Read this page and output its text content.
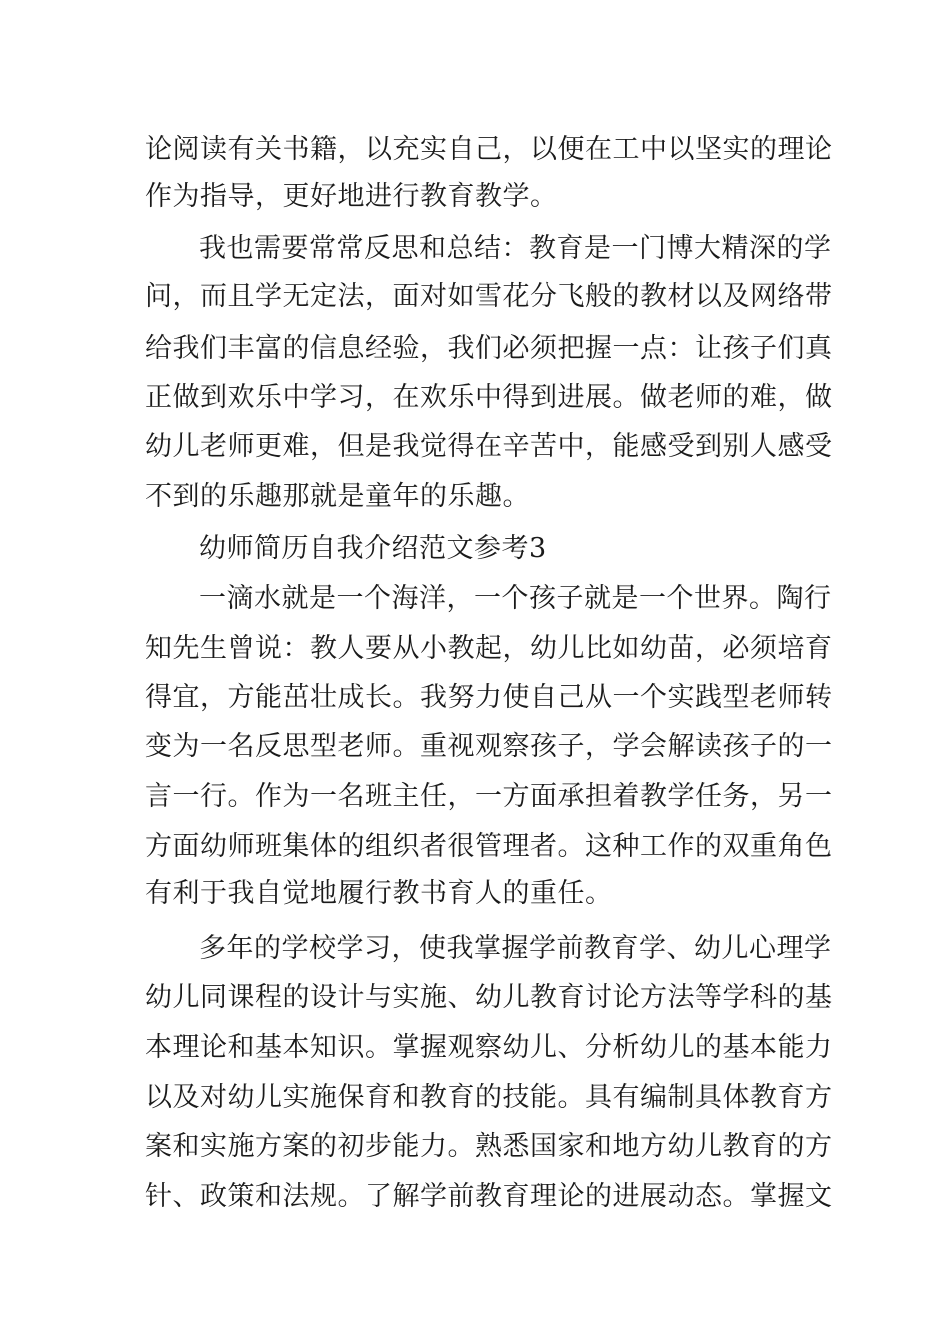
论阅读有关书籍，以充实自己，以便在工中以坚实的理论

作为指导，更好地进行教育教学。

我也需要常常反思和总结：教育是一门博大精深的学

问，而且学无定法，面对如雪花分飞般的教材以及网络带

给我们丰富的信息经验，我们必须把握一点：让孩子们真

正做到欢乐中学习，在欢乐中得到进展。做老师的难，做

幼儿老师更难，但是我觉得在辛苦中，能感受到别人感受

不到的乐趣那就是童年的乐趣。

幼师简历自我介绍范文参考3

一滴水就是一个海洋，一个孩子就是一个世界。陶行

知先生曾说：教人要从小教起，幼儿比如幼苗，必须培育

得宜，方能茁壮成长。我努力使自己从一个实践型老师转

变为一名反思型老师。重视观察孩子，学会解读孩子的一

言一行。作为一名班主任，一方面承担着教学任务，另一

方面幼师班集体的组织者很管理者。这种工作的双重角色

有利于我自觉地履行教书育人的重任。

多年的学校学习，使我掌握学前教育学、幼儿心理学

幼儿同课程的设计与实施、幼儿教育讨论方法等学科的基

本理论和基本知识。掌握观察幼儿、分析幼儿的基本能力

以及对幼儿实施保育和教育的技能。具有编制具体教育方

案和实施方案的初步能力。熟悉国家和地方幼儿教育的方

针、政策和法规。了解学前教育理论的进展动态。掌握文
